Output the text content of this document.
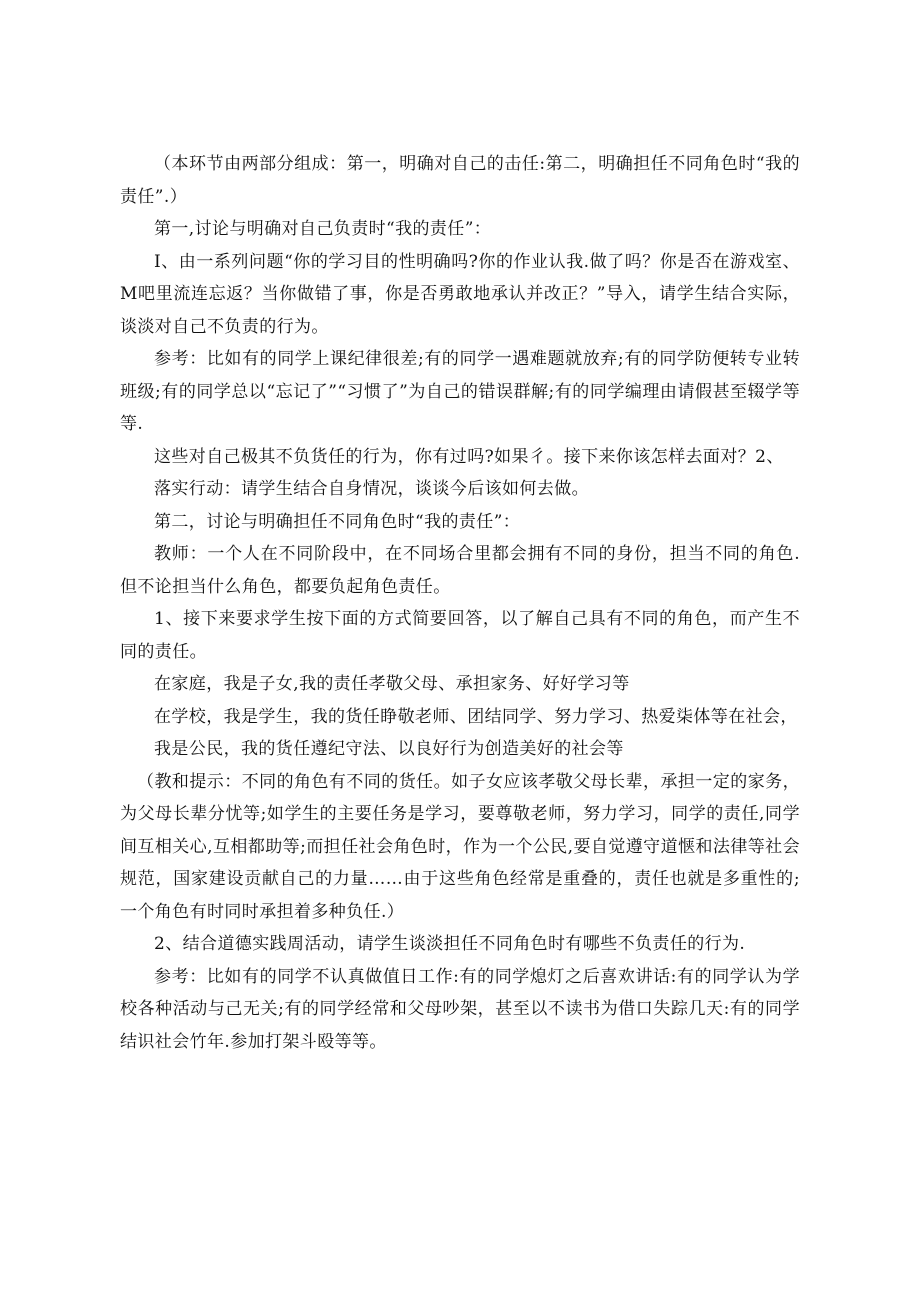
（本环节由两部分组成：第一，明确对自己的击任:第二，明确担任不同角色时“我的责任”.）

第一,讨论与明确对自己负责时“我的责任”：

I、由一系列问题“你的学习目的性明确吗?你的作业认我.做了吗？你是否在游戏室、M吧里流连忘返？当你做错了事，你是否勇敢地承认并改正？”导入，请学生结合实际，谈淡对自己不负责的行为。

参考：比如有的同学上课纪律很差;有的同学一遇难题就放弃;有的同学防便转专业转班级;有的同学总以“忘记了”“习惯了”为自己的错误群解;有的同学编理由请假甚至辍学等等.

这些对自己极其不负货任的行为，你有过吗?如果彳。接下来你该怎样去面对？2、

落实行动：请学生结合自身情况，谈谈今后该如何去做。

第二，讨论与明确担任不同角色时“我的责任”：

教师：一个人在不同阶段中，在不同场合里都会拥有不同的身份，担当不同的角色.但不论担当什么角色，都要负起角色责任。

1、接下来要求学生按下面的方式简要回答，以了解自己具有不同的角色，而产生不同的责任。

在家庭，我是子女,我的责任孝敬父母、承担家务、好好学习等

在学校，我是学生，我的货任睁敬老师、团结同学、努力学习、热爱柒体等在社会，

我是公民，我的货任遵纪守法、以良好行为创造美好的社会等

（教和提示：不同的角色有不同的货任。如子女应该孝敬父母长辈，承担一定的家务，为父母长辈分忧等;如学生的主要任务是学习，要尊敬老师，努力学习，同学的责任,同学间互相关心,互相都助等;而担任社会角色时，作为一个公民,要自觉遵守道惬和法律等社会规范，国家建设贡献自己的力量……由于这些角色经常是重叠的，责任也就是多重性的;一个角色有时同时承担着多种负任.）

2、结合道德实践周活动，请学生谈淡担任不同角色时有哪些不负责任的行为.

参考：比如有的同学不认真做值日工作:有的同学熄灯之后喜欢讲话:有的同学认为学校各种活动与己无关;有的同学经常和父母吵架，甚至以不读书为借口失踪几天:有的同学结识社会竹年.参加打架斗殴等等。
